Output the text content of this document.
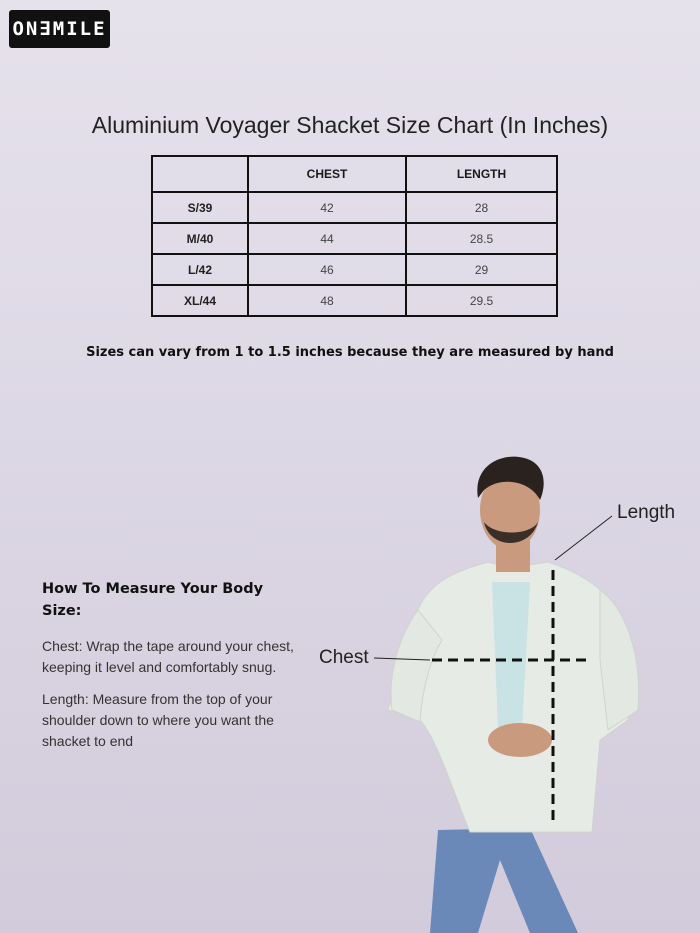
ON∃MILE
Aluminium Voyager Shacket Size Chart (In Inches)
	CHEST	LENGTH
S/39	42	28
M/40	44	28.5
L/42	46	29
XL/44	48	29.5
Sizes can vary from 1 to 1.5 inches because they are measured by hand
How To Measure Your Body Size:
Chest: Wrap the tape around your chest, keeping it level and comfortably snug.
Length: Measure from the top of your shoulder down to where you want the shacket to end
Length
Chest
